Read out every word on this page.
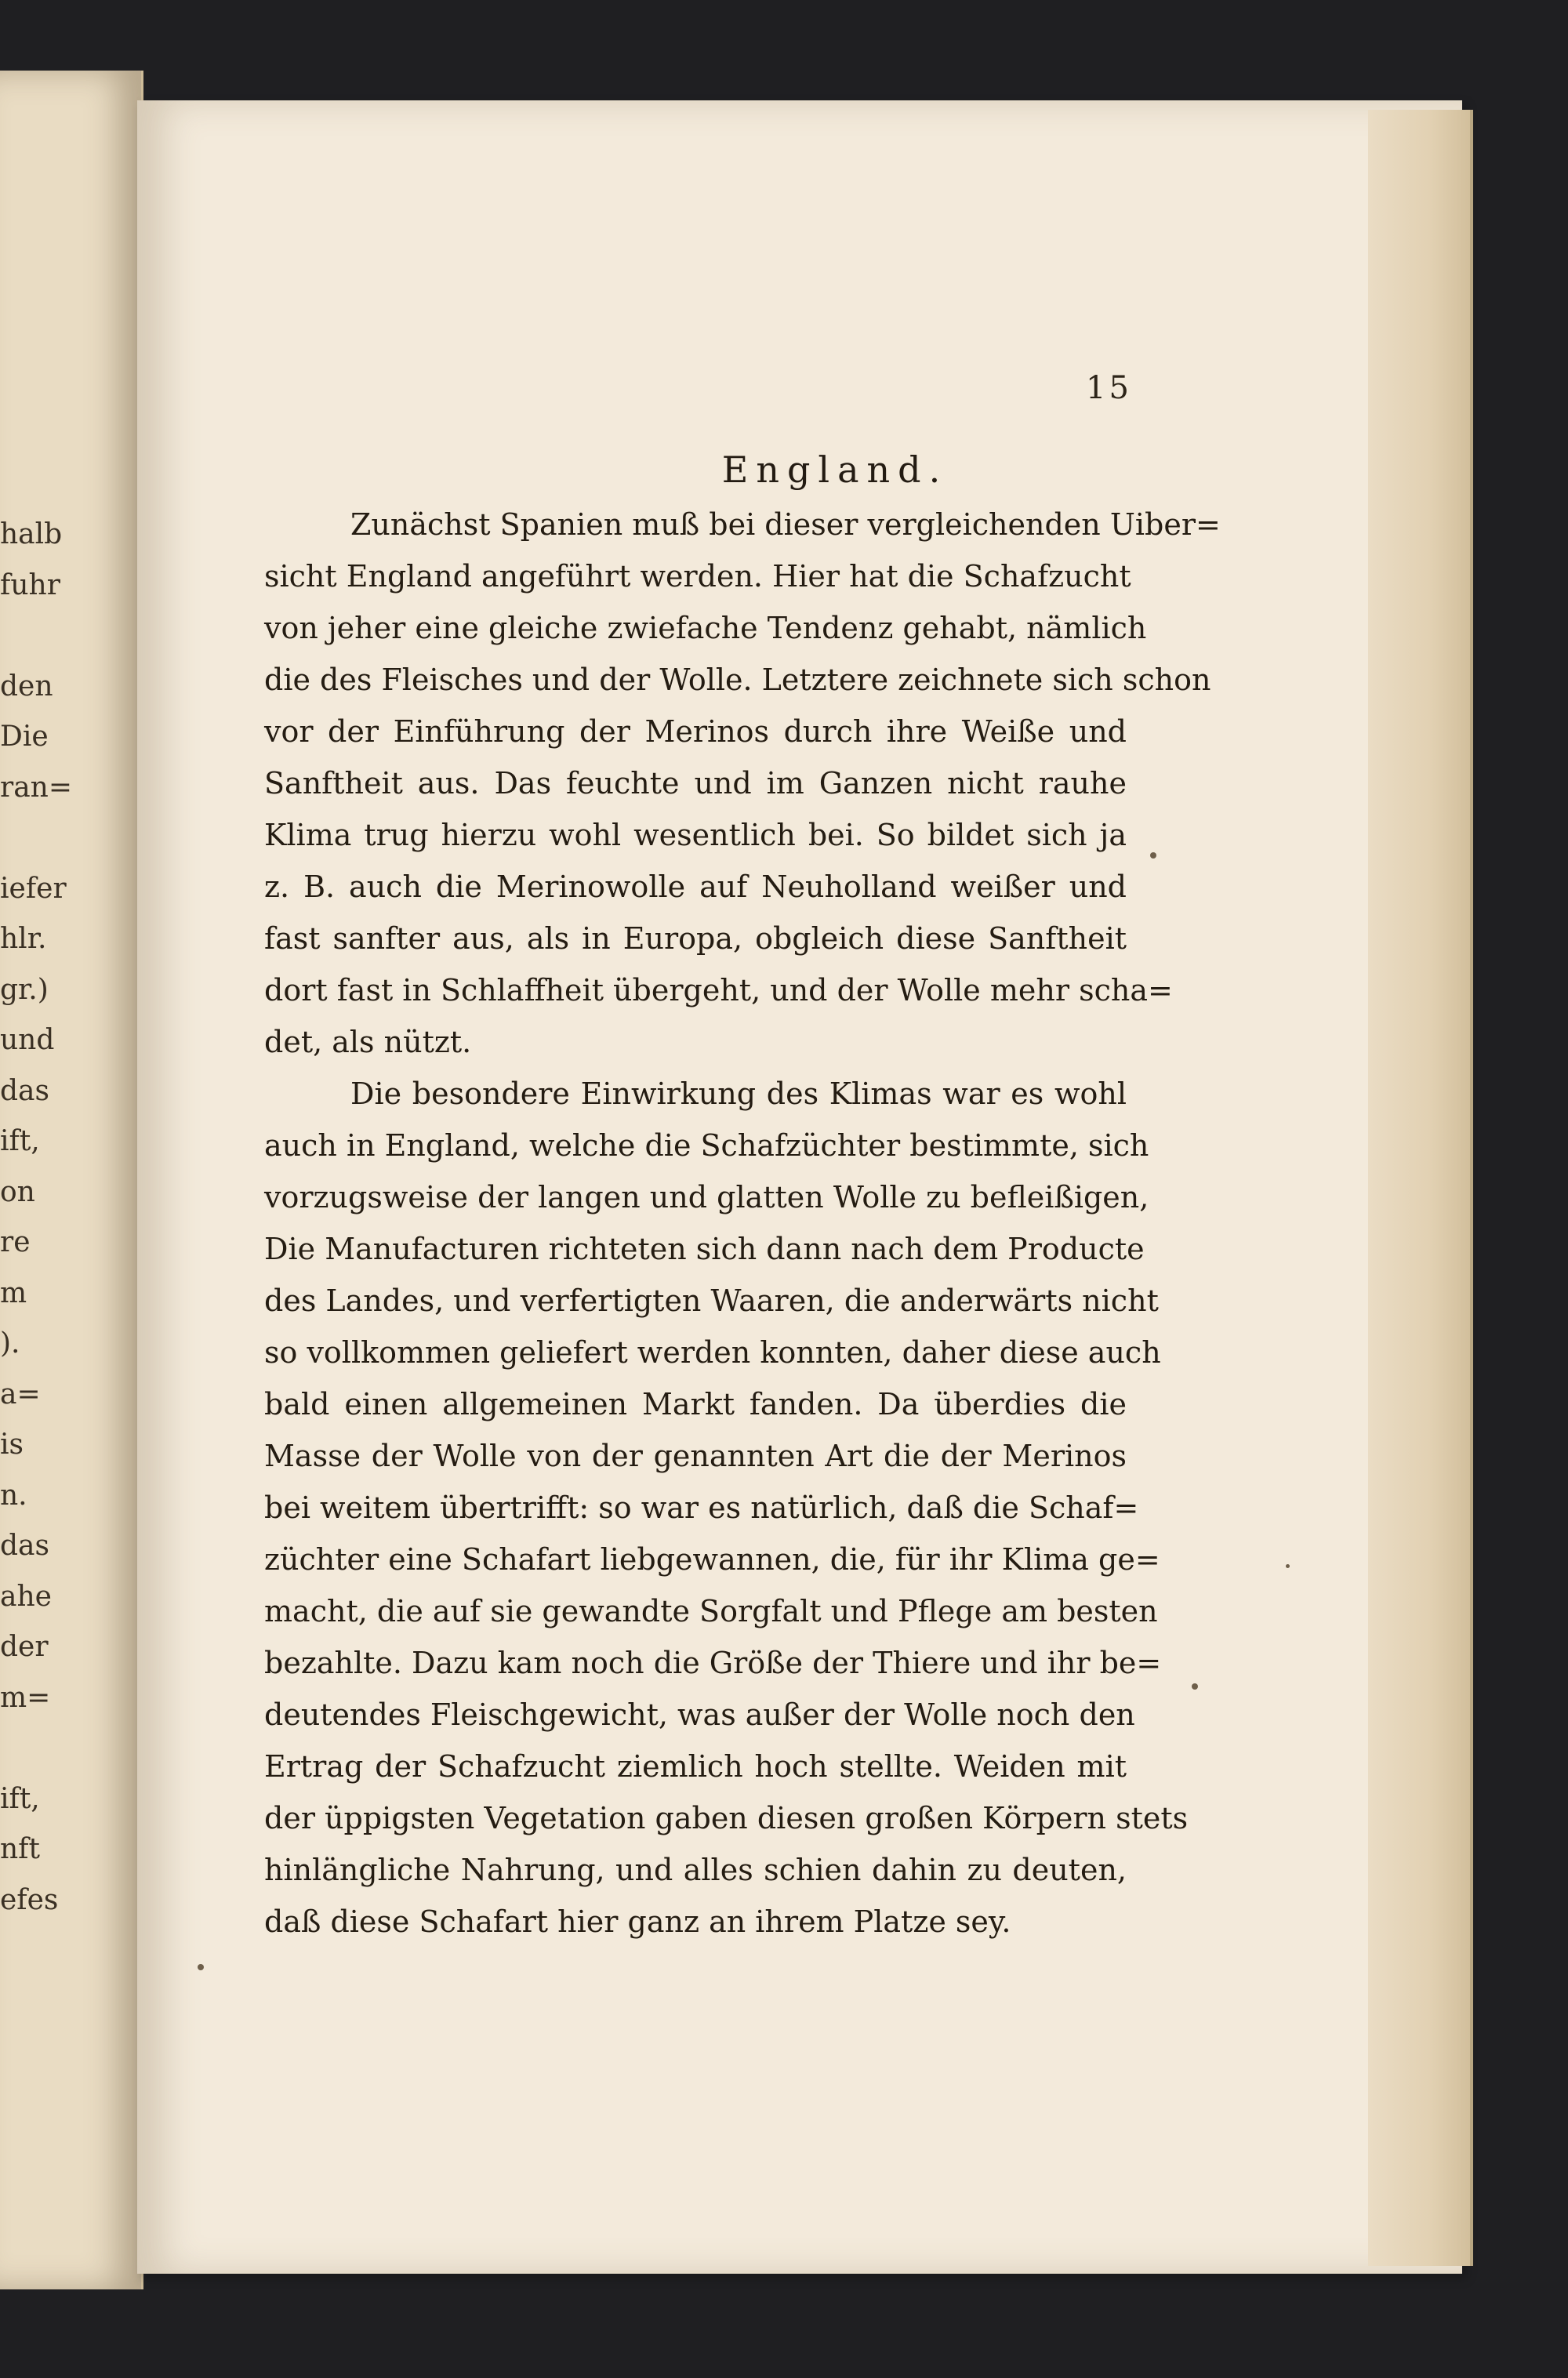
halb
fuhr
den
Die
ran=
iefer
hlr.
gr.)
und
das
ift,
on
re
m
).
a=
is
n.
das
ahe
der
m=
ift,
nft
efes
15
England.
Zunächst Spanien muß bei dieser vergleichenden Uiber=
sicht England angeführt werden. Hier hat die Schafzucht
von jeher eine gleiche zwiefache Tendenz gehabt, nämlich
die des Fleisches und der Wolle. Letztere zeichnete sich schon
vor der Einführung der Merinos durch ihre Weiße und
Sanftheit aus. Das feuchte und im Ganzen nicht rauhe
Klima trug hierzu wohl wesentlich bei. So bildet sich ja
z. B. auch die Merinowolle auf Neuholland weißer und
fast sanfter aus, als in Europa, obgleich diese Sanftheit
dort fast in Schlaffheit übergeht, und der Wolle mehr scha=
det, als nützt.
Die besondere Einwirkung des Klimas war es wohl
auch in England, welche die Schafzüchter bestimmte, sich
vorzugsweise der langen und glatten Wolle zu befleißigen,
Die Manufacturen richteten sich dann nach dem Producte
des Landes, und verfertigten Waaren, die anderwärts nicht
so vollkommen geliefert werden konnten, daher diese auch
bald einen allgemeinen Markt fanden. Da überdies die
Masse der Wolle von der genannten Art die der Merinos
bei weitem übertrifft: so war es natürlich, daß die Schaf=
züchter eine Schafart liebgewannen, die, für ihr Klima ge=
macht, die auf sie gewandte Sorgfalt und Pflege am besten
bezahlte. Dazu kam noch die Größe der Thiere und ihr be=
deutendes Fleischgewicht, was außer der Wolle noch den
Ertrag der Schafzucht ziemlich hoch stellte. Weiden mit
der üppigsten Vegetation gaben diesen großen Körpern stets
hinlängliche Nahrung, und alles schien dahin zu deuten,
daß diese Schafart hier ganz an ihrem Platze sey.
